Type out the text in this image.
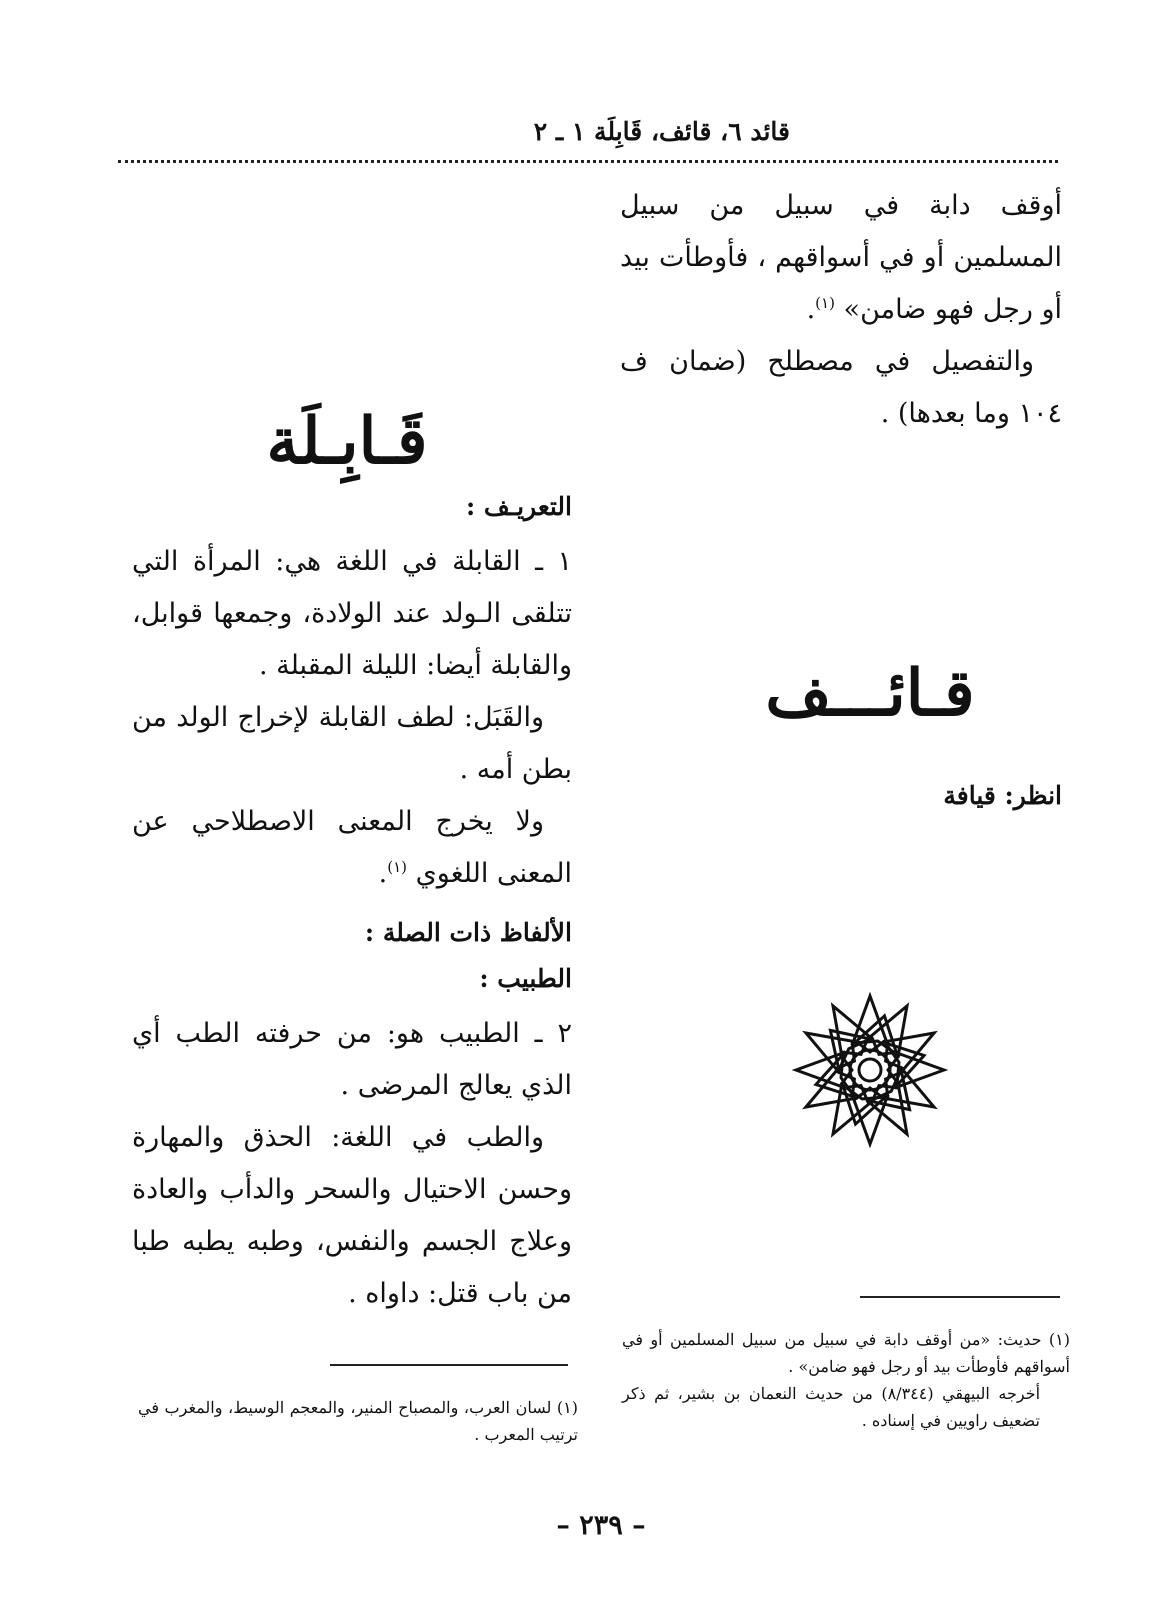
قائد ٦، قائف، قَابِلَة ١ ـ ٢

أوقف دابة في سبيل من سبيل المسلمين أو في أسواقهم ، فأوطأت بيد أو رجل فهو ضامن» $^{(١)}$.

والتفصيل في مصطلح (ضمان ف ١٠٤ وما بعدها) .

قـائـــف
انظر: قيافة

(١) حديث: «من أوقف دابة في سبيل من سبيل المسلمين أو في أسواقهم فأوطأت بيد أو رجل فهو ضامن» .

أخرجه البيهقي (٨/٣٤٤) من حديث النعمان بن بشير، ثم ذكر تضعيف راويين في إسناده .

قَـابِـلَة
التعريـف :

١ ـ القابلة في اللغة هي: المرأة التي تتلقى الـولد عند الولادة، وجمعها قوابل، والقابلة أيضا: الليلة المقبلة .

والقَبَل: لطف القابلة لإخراج الولد من بطن أمه .

ولا يخرج المعنى الاصطلاحي عن المعنى اللغوي $^{(١)}$.

الألفاظ ذات الصلة :
الطبيب :

٢ ـ الطبيب هو: من حرفته الطب أي الذي يعالج المرضى .

والطب في اللغة: الحذق والمهارة وحسن الاحتيال والسحر والدأب والعادة وعلاج الجسم والنفس، وطبه يطبه طبا من باب قتل: داواه .

(١) لسان العرب، والمصباح المنير، والمعجم الوسيط، والمغرب في ترتيب المعرب .

– ٢٣٩ –
